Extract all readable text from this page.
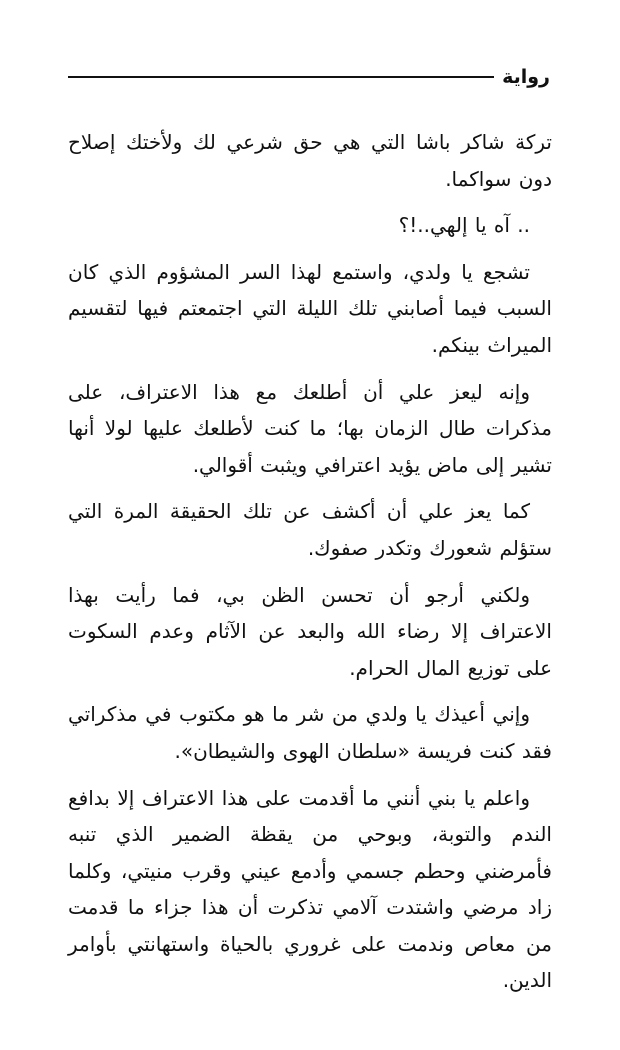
رواية

تركة شاكر باشا التي هي حق شرعي لك ولأختك إصلاح دون سواكما.

.. آه يا إلهي..!؟

تشجع يا ولدي، واستمع لهذا السر المشؤوم الذي كان السبب فيما أصابني تلك الليلة التي اجتمعتم فيها لتقسيم الميراث بينكم.

وإنه ليعز علي أن أطلعك مع هذا الاعتراف، على مذكرات طال الزمان بها؛ ما كنت لأطلعك عليها لولا أنها تشير إلى ماض يؤيد اعترافي ويثبت أقوالي.

كما يعز علي أن أكشف عن تلك الحقيقة المرة التي ستؤلم شعورك وتكدر صفوك.

ولكني أرجو أن تحسن الظن بي، فما رأيت بهذا الاعتراف إلا رضاء الله والبعد عن الآثام وعدم السكوت على توزيع المال الحرام.

وإني أعيذك يا ولدي من شر ما هو مكتوب في مذكراتي فقد كنت فريسة «سلطان الهوى والشيطان».

واعلم يا بني أنني ما أقدمت على هذا الاعتراف إلا بدافع الندم والتوبة، وبوحي من يقظة الضمير الذي تنبه فأمرضني وحطم جسمي وأدمع عيني وقرب منيتي، وكلما زاد مرضي واشتدت آلامي تذكرت أن هذا جزاء ما قدمت من معاص وندمت على غروري بالحياة واستهانتي بأوامر الدين.
